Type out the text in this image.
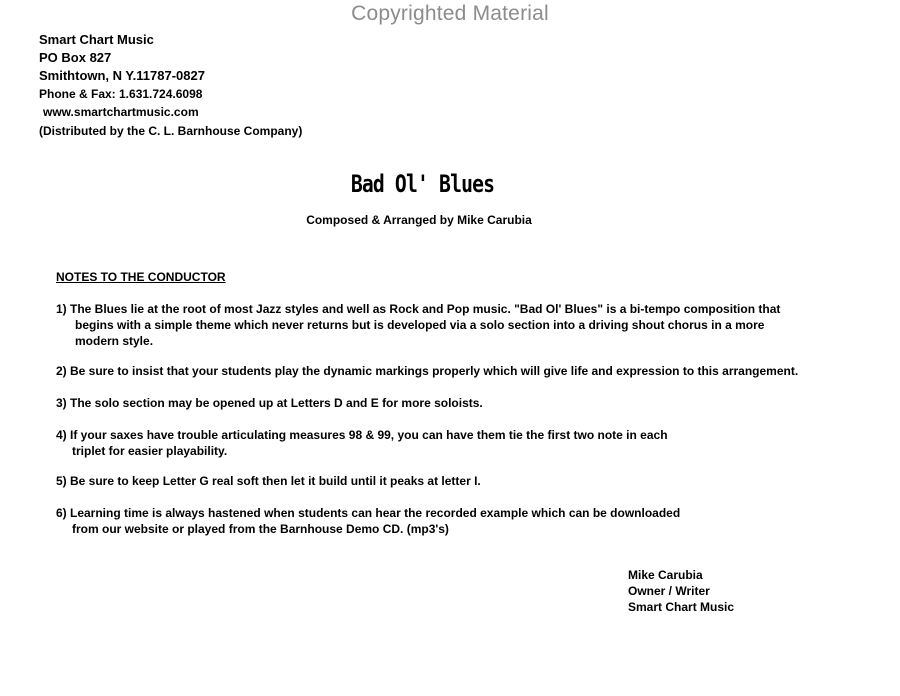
Copyrighted Material
Smart Chart Music
PO Box 827
Smithtown, N Y.11787-0827
Phone & Fax: 1.631.724.6098
www.smartchartmusic.com
(Distributed by the C. L. Barnhouse Company)
Bad Ol' Blues
Composed & Arranged by Mike Carubia
NOTES TO THE CONDUCTOR
1) The Blues lie at the root of most Jazz styles and well as Rock and Pop music. "Bad Ol' Blues" is a bi-tempo composition that
begins with a simple theme which never returns but is developed via a solo section into a driving shout chorus in a more
modern style.
2) Be sure to insist that your students play the dynamic markings properly which will give life and expression to this arrangement.
3) The solo section may be opened up at Letters D and E for more soloists.
4) If your saxes have trouble articulating measures 98 & 99, you can have them tie the first two note in each
triplet for easier playability.
5) Be sure to keep Letter G real soft then let it build until it peaks at letter I.
6) Learning time is always hastened when students can hear the recorded example which can be downloaded
from our website or played from the Barnhouse Demo CD. (mp3's)
Mike Carubia
Owner / Writer
Smart Chart Music
